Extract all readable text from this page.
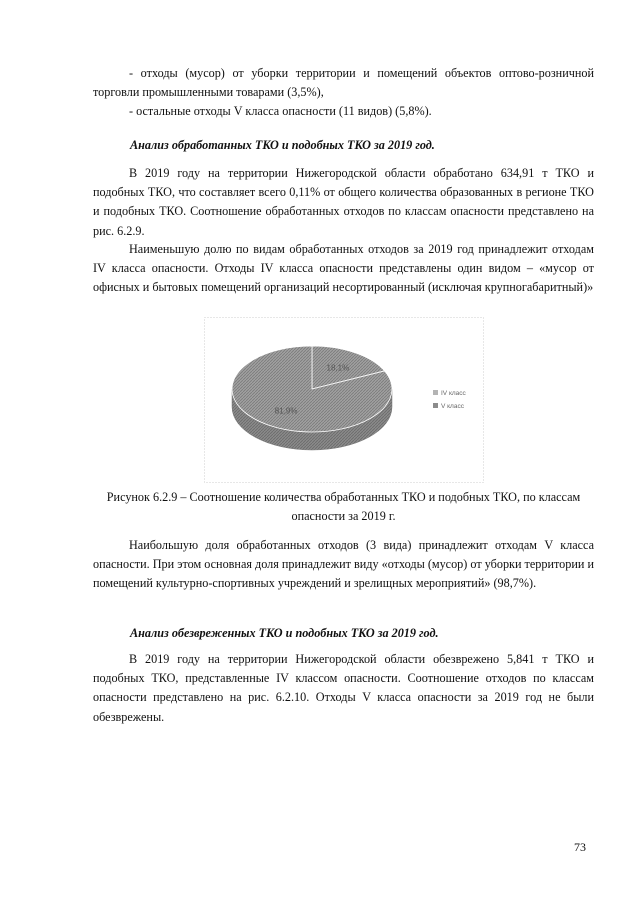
- отходы (мусор) от уборки территории и помещений объектов оптово-розничной торговли промышленными товарами (3,5%),

- остальные отходы V класса опасности (11 видов) (5,8%).

Анализ обработанных ТКО и подобных ТКО за 2019 год.

В 2019 году на территории Нижегородской области обработано 634,91 т ТКО и подобных ТКО, что составляет всего 0,11% от общего количества образованных в регионе ТКО и подобных ТКО. Соотношение обработанных отходов по классам опасности представлено на рис. 6.2.9.

Наименьшую долю по видам обработанных отходов за 2019 год принадлежит отходам IV класса опасности. Отходы IV класса опасности представлены один видом – «мусор от офисных и бытовых помещений организаций несортированный (исключая крупногабаритный)»

18,1%
81,9%
IV класс
V класс

Рисунок 6.2.9 – Соотношение количества обработанных ТКО и подобных ТКО, по классам опасности за 2019 г.

Наибольшую доля обработанных отходов (3 вида) принадлежит отходам V класса опасности. При этом основная доля принадлежит виду «отходы (мусор) от уборки территории и помещений культурно-спортивных учреждений и зрелищных мероприятий» (98,7%).

Анализ обезвреженных ТКО и подобных ТКО за 2019 год.

В 2019 году на территории Нижегородской области обезврежено 5,841 т ТКО и подобных ТКО, представленные IV классом опасности. Соотношение отходов по классам опасности представлено на рис. 6.2.10. Отходы V класса опасности за 2019 год не были обезврежены.

73
